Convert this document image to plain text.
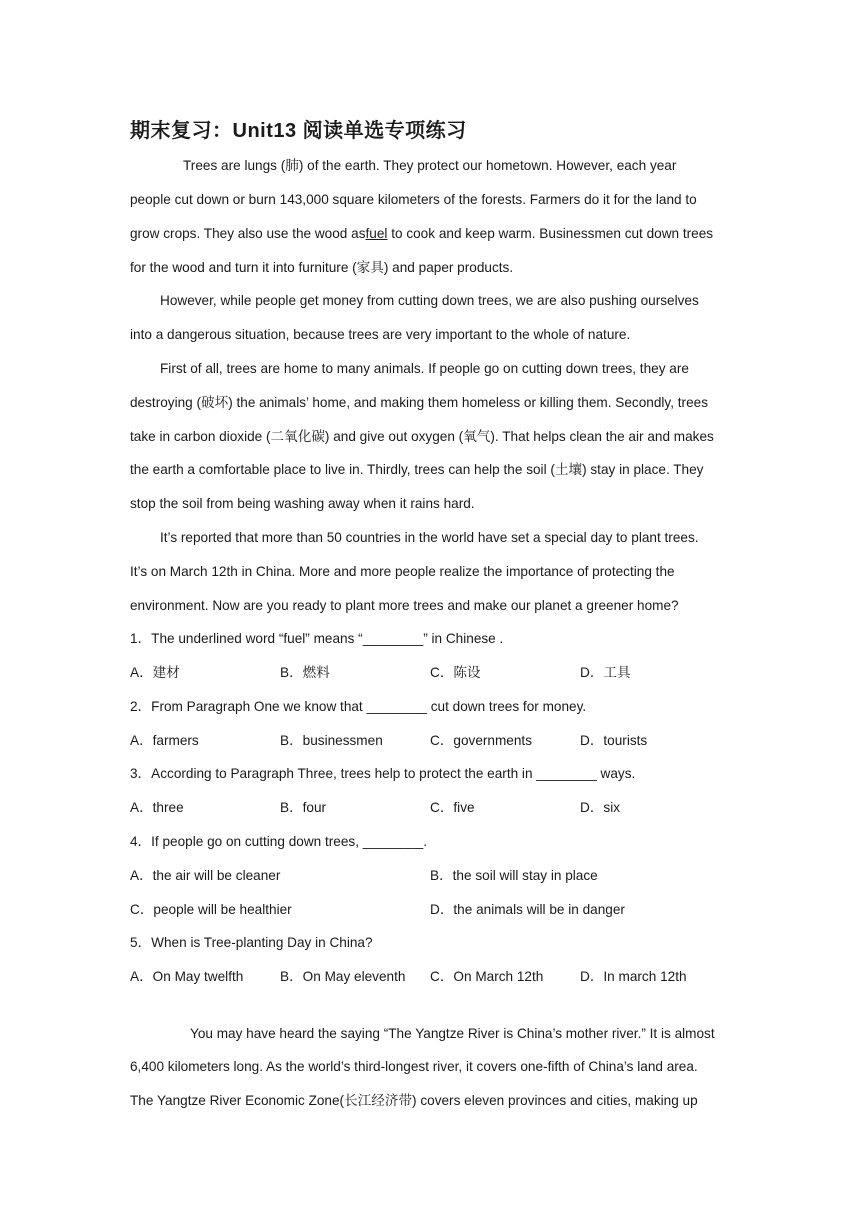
期末复习：Unit13 阅读单选专项练习
Trees are lungs (肺) of the earth. They protect our hometown. However, each year
people cut down or burn 143,000 square kilometers of the forests. Farmers do it for the land to
grow crops. They also use the wood asfuel to cook and keep warm. Businessmen cut down trees
for the wood and turn it into furniture (家具) and paper products.
However, while people get money from cutting down trees, we are also pushing ourselves
into a dangerous situation, because trees are very important to the whole of nature.
First of all, trees are home to many animals. If people go on cutting down trees, they are
destroying (破坏) the animals’ home, and making them homeless or killing them. Secondly, trees
take in carbon dioxide (二氧化碳) and give out oxygen (氧气). That helps clean the air and makes
the earth a comfortable place to live in. Thirdly, trees can help the soil (土壤) stay in place. They
stop the soil from being washing away when it rains hard.
It’s reported that more than 50 countries in the world have set a special day to plant trees.
It’s on March 12th in China. More and more people realize the importance of protecting the
environment. Now are you ready to plant more trees and make our planet a greener home?
1．The underlined word “fuel” means “________” in Chinese .
A．建材	B．燃料	C．陈设	D．工具
2．From Paragraph One we know that ________ cut down trees for money.
A．farmers	B．businessmen	C．governments	D．tourists
3．According to Paragraph Three, trees help to protect the earth in ________ ways.
A．three	B．four	C．five	D．six
4．If people go on cutting down trees, ________.
A．the air will be cleaner	B．the soil will stay in place
C．people will be healthier	D．the animals will be in danger
5．When is Tree-planting Day in China?
A．On May twelfth	B．On May eleventh C．On March 12th	D．In march 12th
You may have heard the saying “The Yangtze River is China’s mother river.” It is almost
6,400 kilometers long. As the world’s third-longest river, it covers one-fifth of China’s land area.
The Yangtze River Economic Zone(长江经济带) covers eleven provinces and cities, making up
